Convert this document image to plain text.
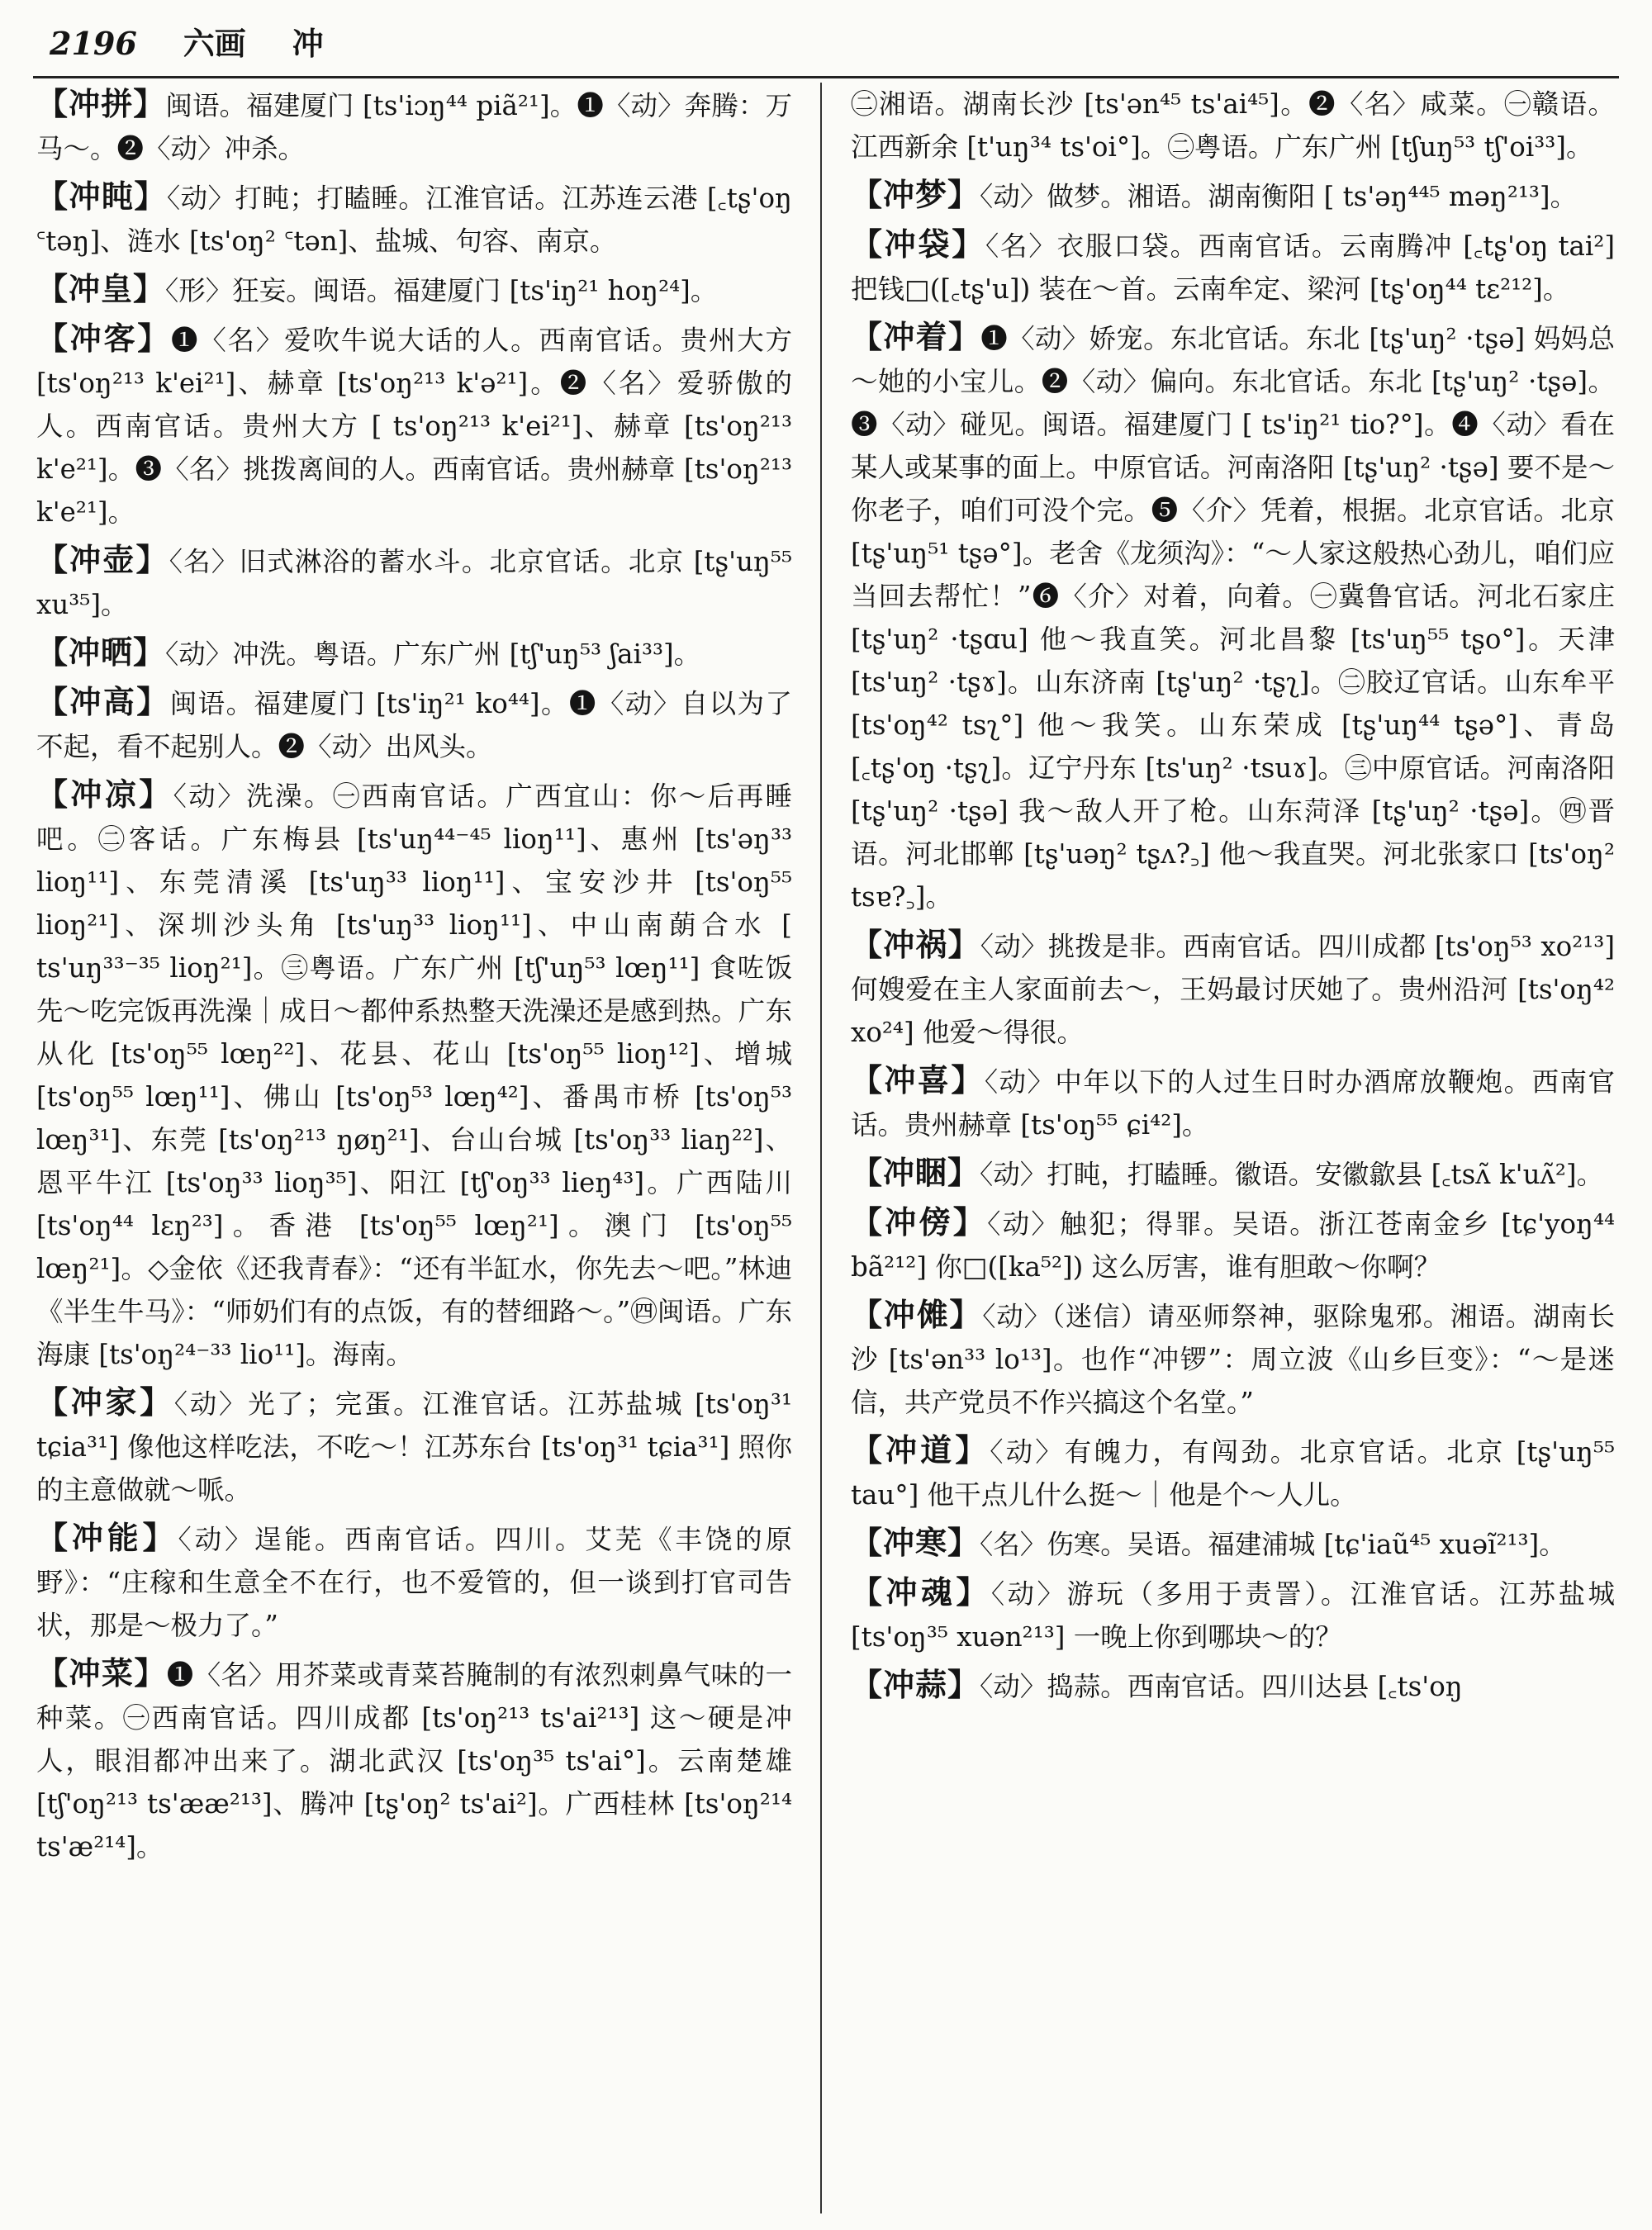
2196 六画 冲

【冲拼】闽语。福建厦门 [ts'iɔŋ⁴⁴ piã²¹]。❶〈动〉奔腾：万马～。❷〈动〉冲杀。

【冲盹】〈动〉打盹；打瞌睡。江淮官话。江苏连云港 [꜀tʂ'oŋ ꜂təŋ]、涟水 [ts'oŋ² ꜂tən]、盐城、句容、南京。

【冲皇】〈形〉狂妄。闽语。福建厦门 [ts'iŋ²¹ hoŋ²⁴]。

【冲客】❶〈名〉爱吹牛说大话的人。西南官话。贵州大方 [ts'oŋ²¹³ k'ei²¹]、赫章 [ts'oŋ²¹³ k'ə²¹]。❷〈名〉爱骄傲的人。西南官话。贵州大方 [ ts'oŋ²¹³ k'ei²¹]、赫章 [ts'oŋ²¹³ k'e²¹]。❸〈名〉挑拨离间的人。西南官话。贵州赫章 [ts'oŋ²¹³ k'e²¹]。

【冲壶】〈名〉旧式淋浴的蓄水斗。北京官话。北京 [tʂ'uŋ⁵⁵ xu³⁵]。

【冲晒】〈动〉冲洗。粤语。广东广州 [tʃ'uŋ⁵³ ʃai³³]。

【冲高】闽语。福建厦门 [ts'iŋ²¹ ko⁴⁴]。❶〈动〉自以为了不起，看不起别人。❷〈动〉出风头。

【冲凉】〈动〉洗澡。㊀西南官话。广西宜山：你～后再睡吧。㊁客话。广东梅县 [ts'uŋ⁴⁴⁻⁴⁵ lioŋ¹¹]、惠州 [ts'əŋ³³ lioŋ¹¹]、东莞清溪 [ts'uŋ³³ lioŋ¹¹]、宝安沙井 [ts'oŋ⁵⁵ lioŋ²¹]、深圳沙头角 [ts'uŋ³³ lioŋ¹¹]、中山南蓢合水 [ ts'uŋ³³⁻³⁵ lioŋ²¹]。㊂粤语。广东广州 [tʃ'uŋ⁵³ lœŋ¹¹] 食咗饭先～吃完饭再洗澡｜成日～都仲系热整天洗澡还是感到热。广东从化 [ts'oŋ⁵⁵ lœŋ²²]、花县、花山 [ts'oŋ⁵⁵ lioŋ¹²]、增城 [ts'oŋ⁵⁵ lœŋ¹¹]、佛山 [ts'oŋ⁵³ lœŋ⁴²]、番禺市桥 [ts'oŋ⁵³ lœŋ³¹]、东莞 [ts'oŋ²¹³ ŋøŋ²¹]、台山台城 [ts'oŋ³³ liaŋ²²]、恩平牛江 [ts'oŋ³³ lioŋ³⁵]、阳江 [tʃ'oŋ³³ lieŋ⁴³]。广西陆川 [ts'oŋ⁴⁴ lɛŋ²³]。香港 [ts'oŋ⁵⁵ lœŋ²¹]。澳门 [ts'oŋ⁵⁵ lœŋ²¹]。◇金依《还我青春》：“还有半缸水，你先去～吧。”林迪《半生牛马》：“师奶们有的点饭，有的替细路～。”㊃闽语。广东海康 [ts'oŋ²⁴⁻³³ lio¹¹]。海南。

【冲家】〈动〉光了；完蛋。江淮官话。江苏盐城 [ts'oŋ³¹ tɕia³¹] 像他这样吃法，不吃～！江苏东台 [ts'oŋ³¹ tɕia³¹] 照你的主意做就～哌。

【冲能】〈动〉逞能。西南官话。四川。艾芜《丰饶的原野》：“庄稼和生意全不在行，也不爱管的，但一谈到打官司告状，那是～极力了。”

【冲菜】❶〈名〉用芥菜或青菜苔腌制的有浓烈刺鼻气味的一种菜。㊀西南官话。四川成都 [ts'oŋ²¹³ ts'ai²¹³] 这～硬是冲人，眼泪都冲出来了。湖北武汉 [ts'oŋ³⁵ ts'ai°]。云南楚雄 [tʃ'oŋ²¹³ ts'ææ²¹³]、腾冲 [tʂ'oŋ² ts'ai²]。广西桂林 [ts'oŋ²¹⁴ ts'æ²¹⁴]。

㊁湘语。湖南长沙 [ts'ən⁴⁵ ts'ai⁴⁵]。❷〈名〉咸菜。㊀赣语。江西新余 [t'uŋ³⁴ ts'oi°]。㊁粤语。广东广州 [tʃuŋ⁵³ tʃ'oi³³]。

【冲梦】〈动〉做梦。湘语。湖南衡阳 [ ts'əŋ⁴⁴⁵ məŋ²¹³]。

【冲袋】〈名〉衣服口袋。西南官话。云南腾冲 [꜀tʂ'oŋ tai²] 把钱□([꜀tʂ'u]) 装在～首。云南牟定、梁河 [tʂ'oŋ⁴⁴ tɛ²¹²]。

【冲着】❶〈动〉娇宠。东北官话。东北 [tʂ'uŋ² ·tʂə] 妈妈总～她的小宝儿。❷〈动〉偏向。东北官话。东北 [tʂ'uŋ² ·tʂə]。❸〈动〉碰见。闽语。福建厦门 [ ts'iŋ²¹ tio?°]。❹〈动〉看在某人或某事的面上。中原官话。河南洛阳 [tʂ'uŋ² ·tʂə] 要不是～你老子，咱们可没个完。❺〈介〉凭着，根据。北京官话。北京 [tʂ'uŋ⁵¹ tʂə°]。老舍《龙须沟》：“～人家这般热心劲儿，咱们应当回去帮忙！”❻〈介〉对着，向着。㊀冀鲁官话。河北石家庄 [tʂ'uŋ² ·tʂɑu] 他～我直笑。河北昌黎 [ts'uŋ⁵⁵ tʂo°]。天津 [ts'uŋ² ·tʂɤ]。山东济南 [tʂ'uŋ² ·tʂʅ]。㊁胶辽官话。山东牟平 [ts'oŋ⁴² tsʅ°] 他～我笑。山东荣成 [tʂ'uŋ⁴⁴ tʂə°]、青岛 [꜀tʂ'oŋ ·tʂʅ]。辽宁丹东 [ts'uŋ² ·tsuɤ]。㊂中原官话。河南洛阳 [tʂ'uŋ² ·tʂə] 我～敌人开了枪。山东菏泽 [tʂ'uŋ² ·tʂə]。㊃晋语。河北邯郸 [tʂ'uəŋ² tʂʌ?꜆] 他～我直哭。河北张家口 [ts'oŋ² tsɐ?꜆]。

【冲祸】〈动〉挑拨是非。西南官话。四川成都 [ts'oŋ⁵³ xo²¹³] 何嫂爱在主人家面前去～，王妈最讨厌她了。贵州沿河 [ts'oŋ⁴² xo²⁴] 他爱～得很。

【冲喜】〈动〉中年以下的人过生日时办酒席放鞭炮。西南官话。贵州赫章 [ts'oŋ⁵⁵ ɕi⁴²]。

【冲睏】〈动〉打盹，打瞌睡。徽语。安徽歙县 [꜀tsʌ̃ k'uʌ̃²]。

【冲傍】〈动〉触犯；得罪。吴语。浙江苍南金乡 [tɕ'yoŋ⁴⁴ bã²¹²] 你□([ka⁵²]) 这么厉害，谁有胆敢～你啊？

【冲傩】〈动〉（迷信）请巫师祭神，驱除鬼邪。湘语。湖南长沙 [ts'ən³³ lo¹³]。也作“冲锣”：周立波《山乡巨变》：“～是迷信，共产党员不作兴搞这个名堂。”

【冲道】〈动〉有魄力，有闯劲。北京官话。北京 [tʂ'uŋ⁵⁵ tau°] 他干点儿什么挺～｜他是个～人儿。

【冲寒】〈名〉伤寒。吴语。福建浦城 [tɕ'iaũ⁴⁵ xuəĩ²¹³]。

【冲魂】〈动〉游玩（多用于责詈）。江淮官话。江苏盐城 [ts'oŋ³⁵ xuən²¹³] 一晚上你到哪块～的？

【冲蒜】〈动〉捣蒜。西南官话。四川达县 [꜀ts'oŋ
